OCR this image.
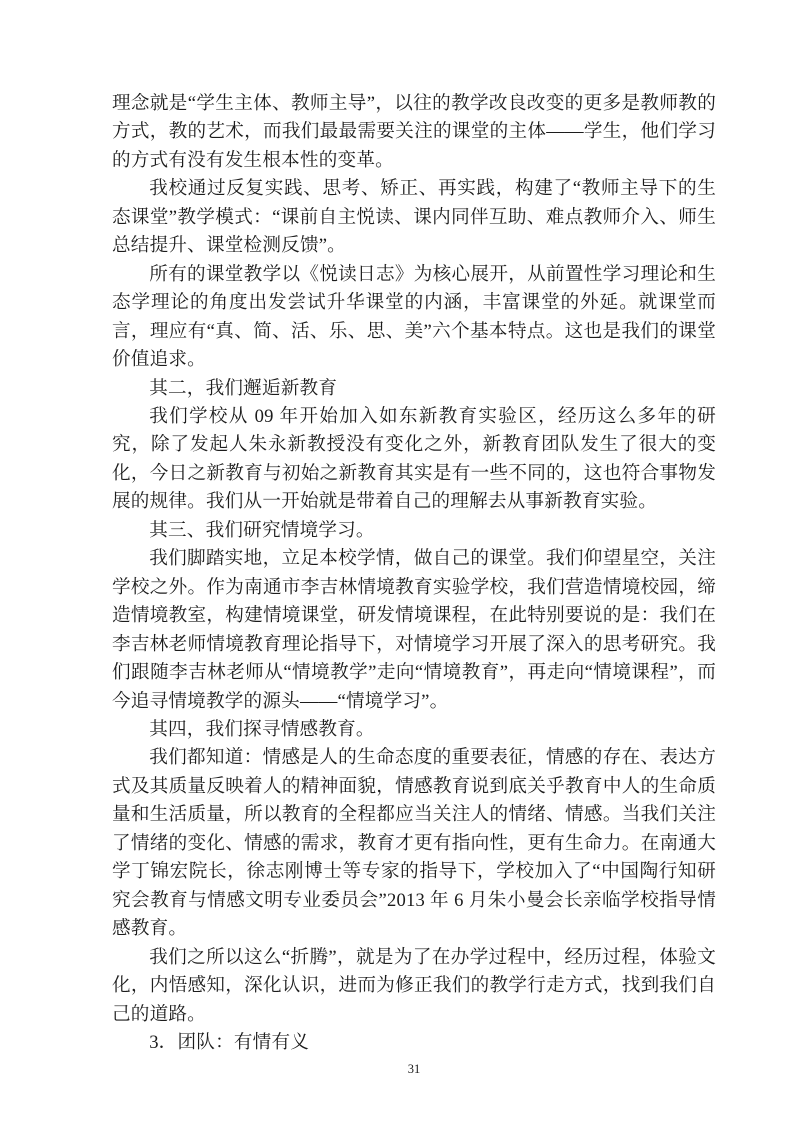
理念就是“学生主体、教师主导”，以往的教学改良改变的更多是教师教的方式，教的艺术，而我们最最需要关注的课堂的主体——学生，他们学习的方式有没有发生根本性的变革。

我校通过反复实践、思考、矫正、再实践，构建了“教师主导下的生态课堂”教学模式：“课前自主悦读、课内同伴互助、难点教师介入、师生总结提升、课堂检测反馈”。

所有的课堂教学以《悦读日志》为核心展开，从前置性学习理论和生态学理论的角度出发尝试升华课堂的内涵，丰富课堂的外延。就课堂而言，理应有“真、简、活、乐、思、美”六个基本特点。这也是我们的课堂价值追求。

其二，我们邂逅新教育

我们学校从 09 年开始加入如东新教育实验区，经历这么多年的研究，除了发起人朱永新教授没有变化之外，新教育团队发生了很大的变化，今日之新教育与初始之新教育其实是有一些不同的，这也符合事物发展的规律。我们从一开始就是带着自己的理解去从事新教育实验。

其三、我们研究情境学习。

我们脚踏实地，立足本校学情，做自己的课堂。我们仰望星空，关注学校之外。作为南通市李吉林情境教育实验学校，我们营造情境校园，缔造情境教室，构建情境课堂，研发情境课程，在此特别要说的是：我们在李吉林老师情境教育理论指导下，对情境学习开展了深入的思考研究。我们跟随李吉林老师从“情境教学”走向“情境教育”，再走向“情境课程”，而今追寻情境教学的源头——“情境学习”。

其四，我们探寻情感教育。

我们都知道：情感是人的生命态度的重要表征，情感的存在、表达方式及其质量反映着人的精神面貌，情感教育说到底关乎教育中人的生命质量和生活质量，所以教育的全程都应当关注人的情绪、情感。当我们关注了情绪的变化、情感的需求，教育才更有指向性，更有生命力。在南通大学丁锦宏院长，徐志刚博士等专家的指导下，学校加入了“中国陶行知研究会教育与情感文明专业委员会”2013 年 6 月朱小曼会长亲临学校指导情感教育。

我们之所以这么“折腾”，就是为了在办学过程中，经历过程，体验文化，内悟感知，深化认识，进而为修正我们的教学行走方式，找到我们自己的道路。

3．团队：有情有义

31
